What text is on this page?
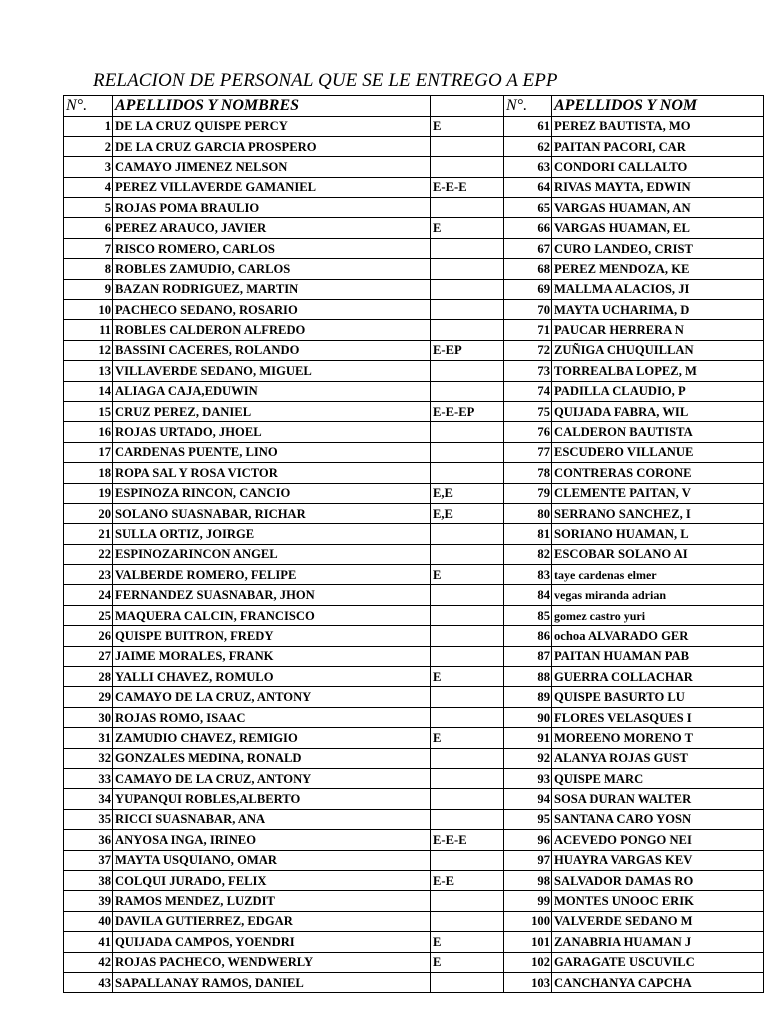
RELACION DE PERSONAL QUE SE LE ENTREGO A EPP
N°.	APELLIDOS Y NOMBRES		N°.	APELLIDOS Y NOM
1	DE LA CRUZ QUISPE PERCY	E	61	PEREZ BAUTISTA, MO
2	DE LA CRUZ GARCIA PROSPERO		62	PAITAN PACORI, CAR
3	CAMAYO JIMENEZ NELSON		63	CONDORI CALLALTO
4	PEREZ VILLAVERDE GAMANIEL	E-E-E	64	RIVAS MAYTA, EDWIN
5	ROJAS POMA BRAULIO		65	VARGAS HUAMAN, AN
6	PEREZ ARAUCO, JAVIER	E	66	VARGAS HUAMAN, EL
7	RISCO ROMERO, CARLOS		67	CURO LANDEO, CRIST
8	ROBLES ZAMUDIO, CARLOS		68	PEREZ MENDOZA, KE
9	BAZAN RODRIGUEZ, MARTIN		69	MALLMA ALACIOS, JI
10	PACHECO SEDANO, ROSARIO		70	MAYTA UCHARIMA, D
11	ROBLES CALDERON ALFREDO		71	PAUCAR HERRERA N
12	BASSINI CACERES, ROLANDO	E-EP	72	ZUÑIGA CHUQUILLAN
13	VILLAVERDE SEDANO, MIGUEL		73	TORREALBA LOPEZ, M
14	ALIAGA CAJA,EDUWIN		74	PADILLA CLAUDIO, P
15	CRUZ PEREZ, DANIEL	E-E-EP	75	QUIJADA FABRA, WIL
16	ROJAS URTADO, JHOEL		76	CALDERON BAUTISTA
17	CARDENAS PUENTE, LINO		77	ESCUDERO VILLANUE
18	ROPA SAL Y ROSA VICTOR		78	CONTRERAS CORONE
19	ESPINOZA RINCON, CANCIO	E,E	79	CLEMENTE PAITAN, V
20	SOLANO SUASNABAR, RICHAR	E,E	80	SERRANO SANCHEZ, I
21	SULLA ORTIZ, JOIRGE		81	SORIANO HUAMAN, L
22	ESPINOZARINCON ANGEL		82	ESCOBAR SOLANO AI
23	VALBERDE ROMERO, FELIPE	E	83	taye cardenas elmer
24	FERNANDEZ SUASNABAR, JHON		84	vegas miranda adrian
25	MAQUERA CALCIN, FRANCISCO		85	gomez castro yuri
26	QUISPE BUITRON, FREDY		86	ochoa ALVARADO GER
27	JAIME MORALES, FRANK		87	PAITAN HUAMAN PAB
28	YALLI CHAVEZ, ROMULO	E	88	GUERRA COLLACHAR
29	CAMAYO DE LA CRUZ, ANTONY		89	QUISPE BASURTO LU
30	ROJAS ROMO, ISAAC		90	FLORES VELASQUES I
31	ZAMUDIO CHAVEZ, REMIGIO	E	91	MOREENO MORENO T
32	GONZALES MEDINA, RONALD		92	ALANYA ROJAS GUST
33	CAMAYO DE LA CRUZ, ANTONY		93	QUISPE MARC
34	YUPANQUI ROBLES,ALBERTO		94	SOSA DURAN WALTER
35	RICCI SUASNABAR, ANA		95	SANTANA CARO YOSN
36	ANYOSA INGA, IRINEO	E-E-E	96	ACEVEDO PONGO NEI
37	MAYTA USQUIANO, OMAR		97	HUAYRA VARGAS KEV
38	COLQUI JURADO, FELIX	E-E	98	SALVADOR DAMAS RO
39	RAMOS MENDEZ, LUZDIT		99	MONTES UNOOC ERIK
40	DAVILA GUTIERREZ, EDGAR		100	VALVERDE SEDANO M
41	QUIJADA CAMPOS, YOENDRI	E	101	ZANABRIA HUAMAN J
42	ROJAS PACHECO, WENDWERLY	E	102	GARAGATE USCUVILC
43	SAPALLANAY RAMOS, DANIEL		103	CANCHANYA CAPCHA
